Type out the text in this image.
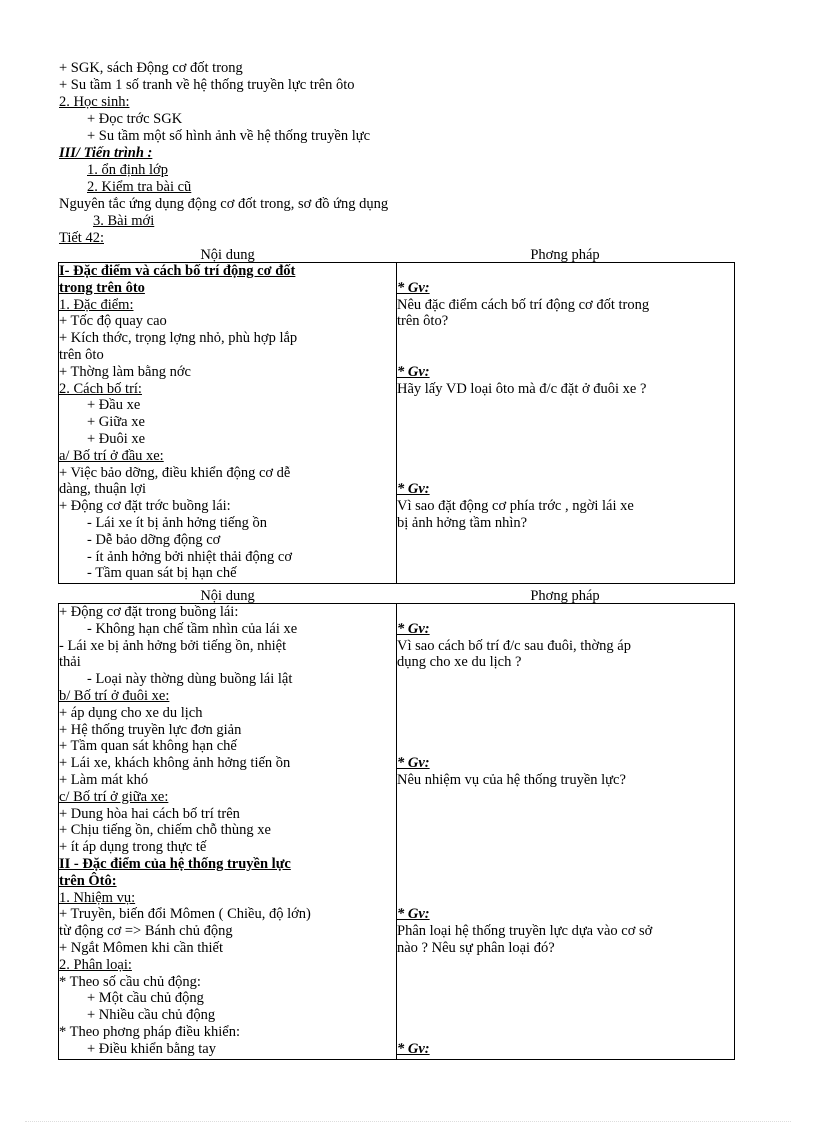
+ SGK, sách Động cơ đốt trong
+ Su tầm 1 số tranh về hệ thống truyền lực trên ôto
2. Học sinh:
+ Đọc trớc SGK
+ Su tầm một số hình ảnh về hệ thống truyền lực
III/ Tiến trình :
1. ổn định lớp
2. Kiểm tra bài cũ
Nguyên tắc ứng dụng động cơ đốt trong, sơ đồ ứng dụng
3. Bài mới
Tiết 42:
Nội dung	Phơng pháp
I- Đặc điểm và cách bố trí động cơ đốt
trong trên ôto
1. Đặc điểm:
+ Tốc độ quay cao
+ Kích thớc, trọng lợng nhỏ, phù hợp lắp
trên ôto
+ Thờng làm bằng nớc
2. Cách bố trí:
+ Đầu xe
+ Giữa xe
+ Đuôi xe
a/ Bố trí ở đầu xe:
+ Việc bảo dỡng, điều khiển động cơ dễ
dàng, thuận lợi
+ Động cơ đặt trớc buồng lái:
- Lái xe ít bị ảnh hởng tiếng ồn
- Dễ bảo dỡng động cơ
- ít ảnh hởng bởi nhiệt thải động cơ
- Tầm quan sát bị hạn chế
* Gv:
Nêu đặc điểm cách bố trí động cơ đốt trong
trên ôto?
* Gv:
Hãy lấy VD loại ôto mà đ/c đặt ở đuôi xe ?
* Gv:
Vì sao đặt động cơ phía trớc , ngời lái xe
bị ảnh hởng tầm nhìn?
Nội dung	Phơng pháp
+ Động cơ đặt trong buồng lái:
- Không hạn chế tầm nhìn của lái xe
- Lái xe bị ảnh hởng bởi tiếng ồn, nhiệt
thải
- Loại này thờng dùng buồng lái lật
b/ Bố trí ở đuôi xe:
+ áp dụng cho xe du lịch
+ Hệ thống truyền lực đơn giản
+ Tầm quan sát không hạn chế
+ Lái xe, khách không ảnh hởng tiến ồn
+ Làm mát khó
c/ Bố trí ở giữa xe:
+ Dung hòa hai cách bố trí trên
+ Chịu tiếng ồn, chiếm chỗ thùng xe
+ ít áp dụng trong thực tế
II - Đặc điểm của hệ thống truyền lực
trên Ôtô:
1. Nhiệm vụ:
+ Truyền, biến đổi Mômen ( Chiều, độ lớn)
từ động cơ => Bánh chủ động
+ Ngắt Mômen khi cần thiết
2. Phân loại:
* Theo số cầu chủ động:
+ Một cầu chủ động
+ Nhiều cầu chủ động
* Theo phơng pháp điều khiển:
+ Điều khiển bằng tay
* Gv:
Vì sao cách bố trí đ/c sau đuôi, thờng áp
dụng cho xe du lịch ?
* Gv:
Nêu nhiệm vụ của hệ thống truyền lực?
* Gv:
Phân loại hệ thống truyền lực dựa vào cơ sở
nào ? Nêu sự phân loại đó?
* Gv:
